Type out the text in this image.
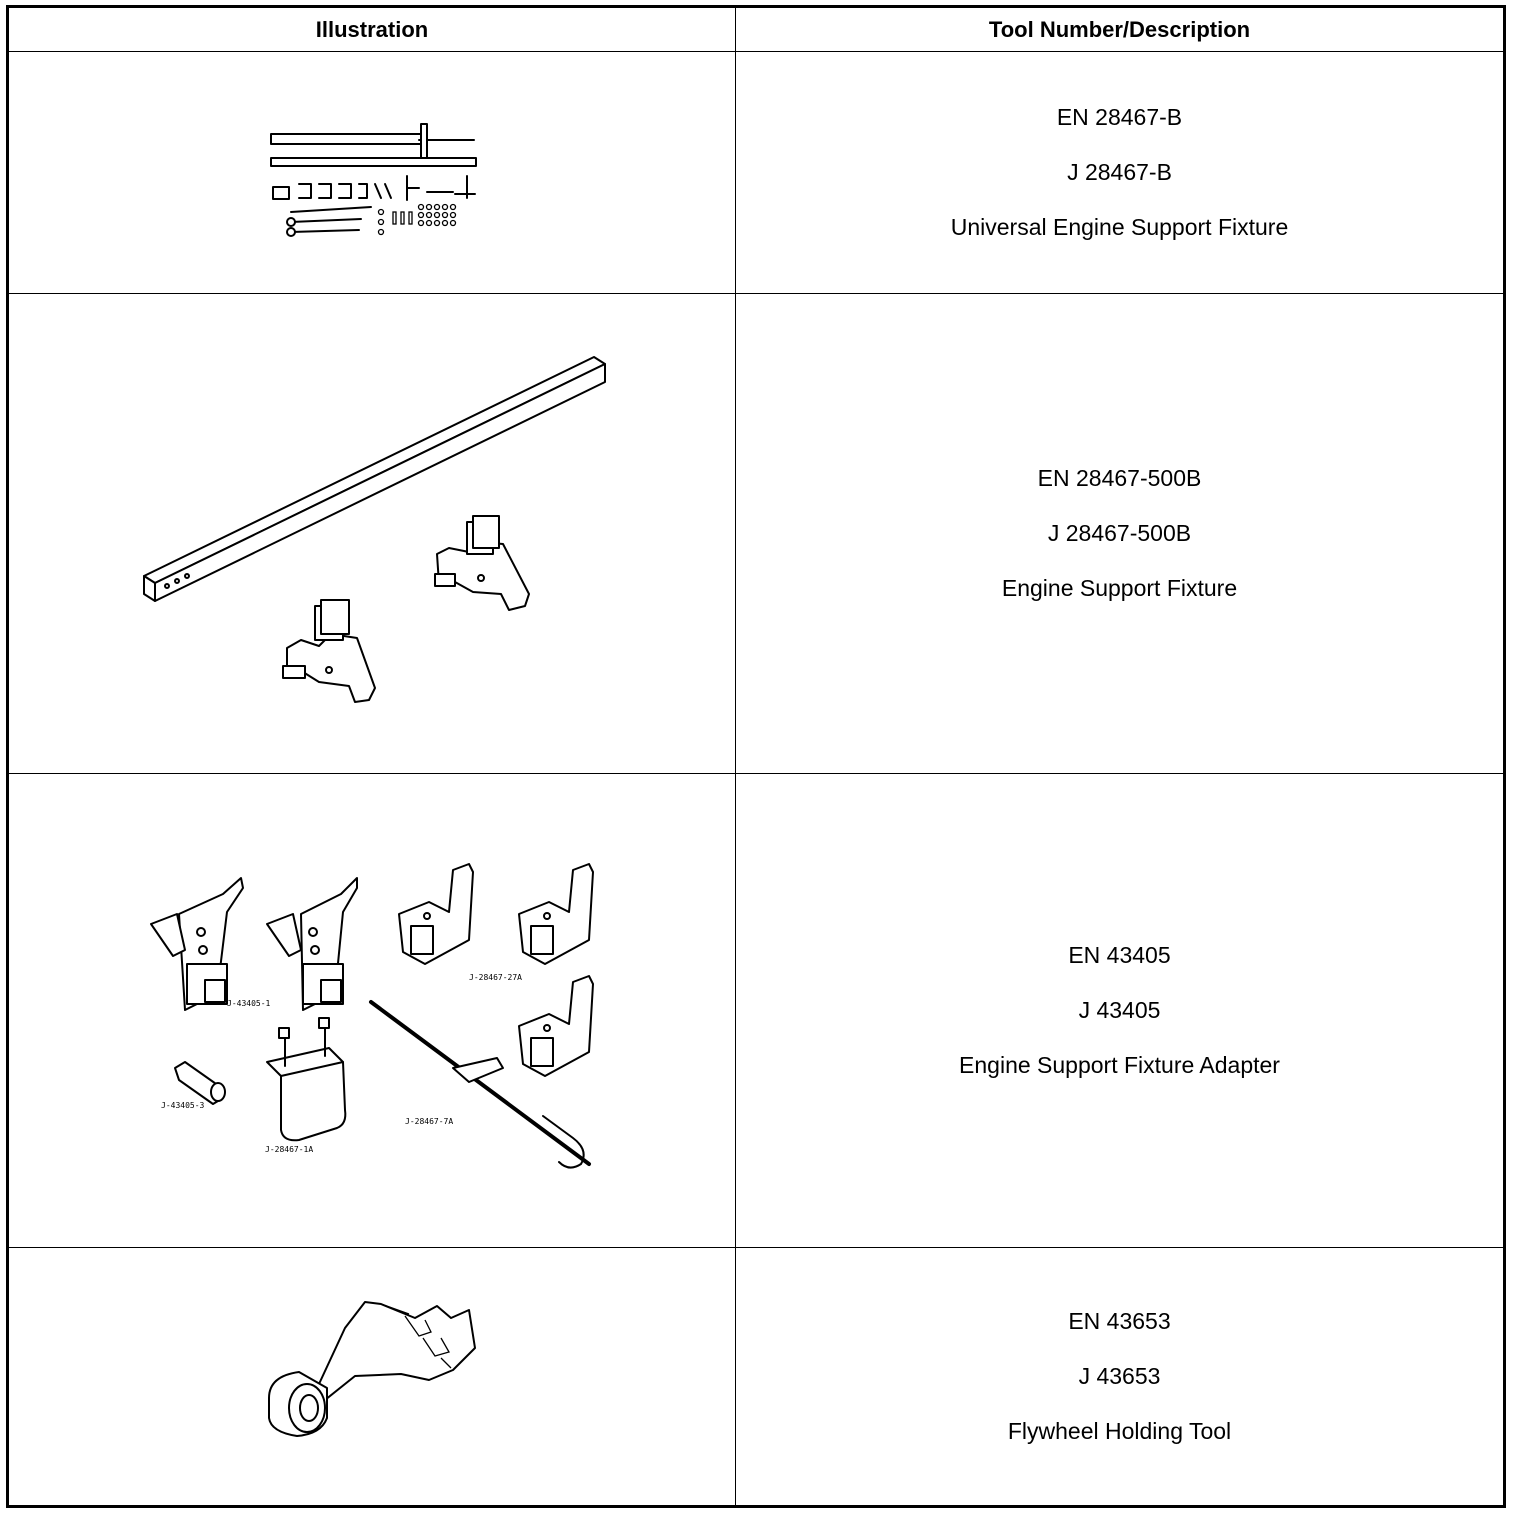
Illustration	Tool Number/Description

EN 28467-B

J 28467-B

Universal Engine Support Fixture

EN 28467-500B

J 28467-500B

Engine Support Fixture

J-43405-1
J-28467-27A
J-43405-3
J-28467-1A
J-28467-7A

EN 43405

J 43405

Engine Support Fixture Adapter

EN 43653

J 43653

Flywheel Holding Tool
